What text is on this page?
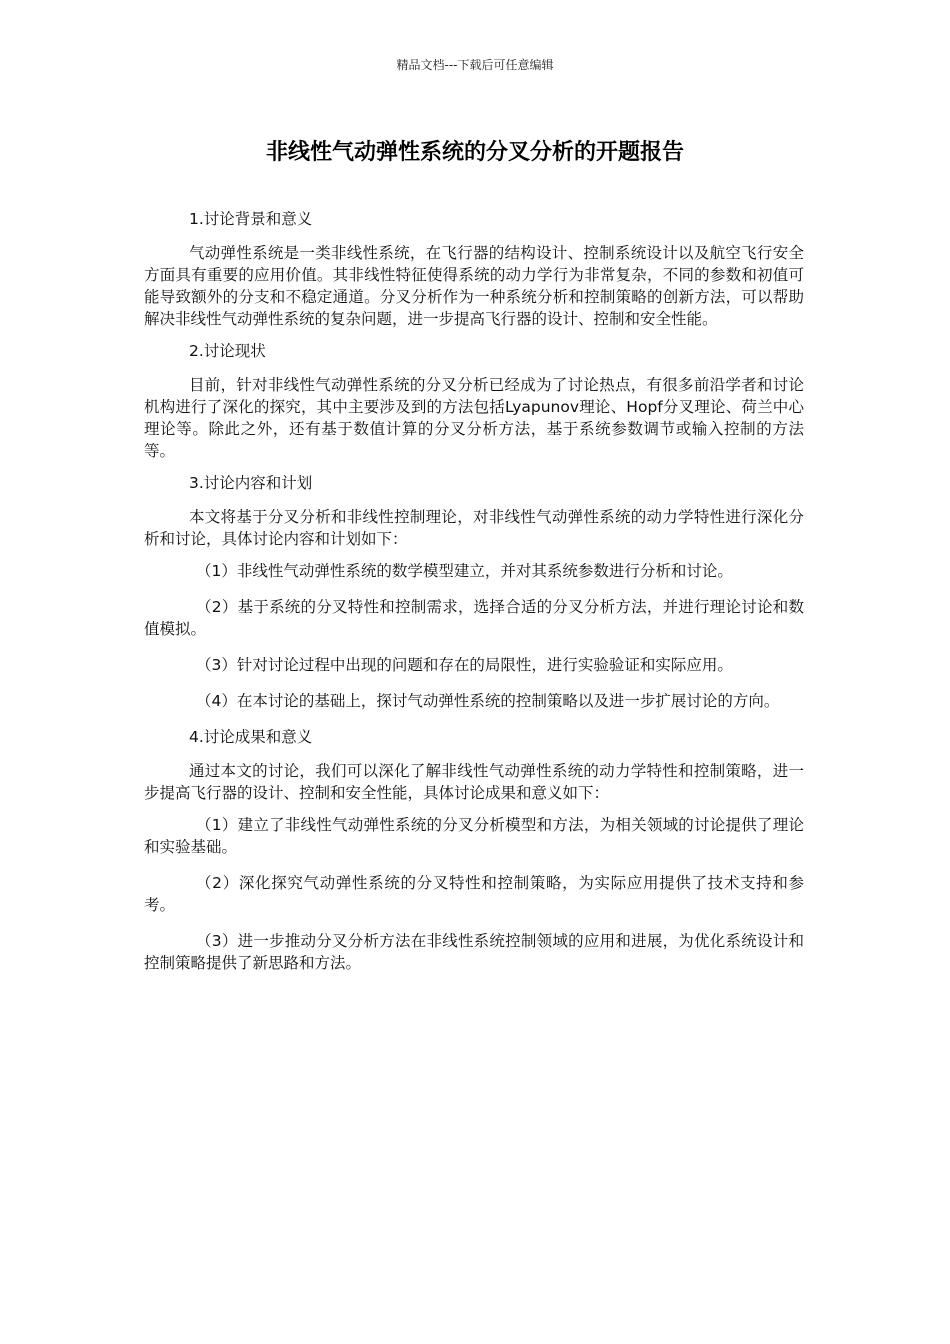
精品文档---下载后可任意编辑
非线性气动弹性系统的分叉分析的开题报告

1.讨论背景和意义

气动弹性系统是一类非线性系统，在飞行器的结构设计、控制系统设计以及航空飞行安全方面具有重要的应用价值。其非线性特征使得系统的动力学行为非常复杂，不同的参数和初值可能导致额外的分支和不稳定通道。分叉分析作为一种系统分析和控制策略的创新方法，可以帮助解决非线性气动弹性系统的复杂问题，进一步提高飞行器的设计、控制和安全性能。

2.讨论现状

目前，针对非线性气动弹性系统的分叉分析已经成为了讨论热点，有很多前沿学者和讨论机构进行了深化的探究，其中主要涉及到的方法包括Lyapunov理论、Hopf分叉理论、荷兰中心理论等。除此之外，还有基于数值计算的分叉分析方法，基于系统参数调节或输入控制的方法等。

3.讨论内容和计划

本文将基于分叉分析和非线性控制理论，对非线性气动弹性系统的动力学特性进行深化分析和讨论，具体讨论内容和计划如下：

（1）非线性气动弹性系统的数学模型建立，并对其系统参数进行分析和讨论。

（2）基于系统的分叉特性和控制需求，选择合适的分叉分析方法，并进行理论讨论和数值模拟。

（3）针对讨论过程中出现的问题和存在的局限性，进行实验验证和实际应用。

（4）在本讨论的基础上，探讨气动弹性系统的控制策略以及进一步扩展讨论的方向。

4.讨论成果和意义

通过本文的讨论，我们可以深化了解非线性气动弹性系统的动力学特性和控制策略，进一步提高飞行器的设计、控制和安全性能，具体讨论成果和意义如下：

（1）建立了非线性气动弹性系统的分叉分析模型和方法，为相关领域的讨论提供了理论和实验基础。

（2）深化探究气动弹性系统的分叉特性和控制策略，为实际应用提供了技术支持和参考。

（3）进一步推动分叉分析方法在非线性系统控制领域的应用和进展，为优化系统设计和控制策略提供了新思路和方法。
